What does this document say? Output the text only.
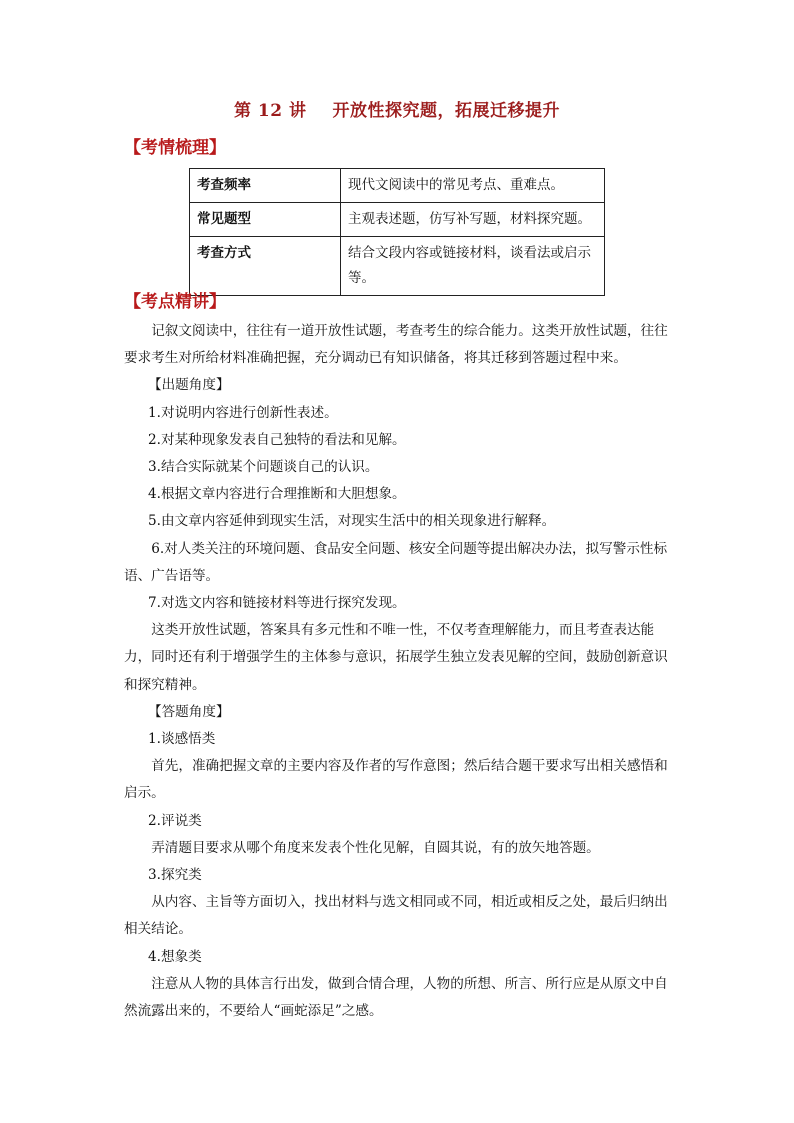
第 12 讲 开放性探究题，拓展迁移提升
【考情梳理】
考查频率	现代文阅读中的常见考点、重难点。
常见题型	主观表述题，仿写补写题，材料探究题。
考查方式	结合文段内容或链接材料，谈看法或启示等。
【考点精讲】

记叙文阅读中，往往有一道开放性试题，考查考生的综合能力。这类开放性试题，往往要求考生对所给材料准确把握，充分调动已有知识储备，将其迁移到答题过程中来。

【出题角度】

1.对说明内容进行创新性表述。

2.对某种现象发表自己独特的看法和见解。

3.结合实际就某个问题谈自己的认识。

4.根据文章内容进行合理推断和大胆想象。

5.由文章内容延伸到现实生活，对现实生活中的相关现象进行解释。

6.对人类关注的环境问题、食品安全问题、核安全问题等提出解决办法，拟写警示性标语、广告语等。

7.对选文内容和链接材料等进行探究发现。

这类开放性试题，答案具有多元性和不唯一性，不仅考查理解能力，而且考查表达能力，同时还有利于增强学生的主体参与意识，拓展学生独立发表见解的空间，鼓励创新意识和探究精神。

【答题角度】

1.谈感悟类

首先，准确把握文章的主要内容及作者的写作意图；然后结合题干要求写出相关感悟和启示。

2.评说类

弄清题目要求从哪个角度来发表个性化见解，自圆其说，有的放矢地答题。

3.探究类

从内容、主旨等方面切入，找出材料与选文相同或不同，相近或相反之处，最后归纳出相关结论。

4.想象类

注意从人物的具体言行出发，做到合情合理，人物的所想、所言、所行应是从原文中自然流露出来的，不要给人“画蛇添足”之感。
